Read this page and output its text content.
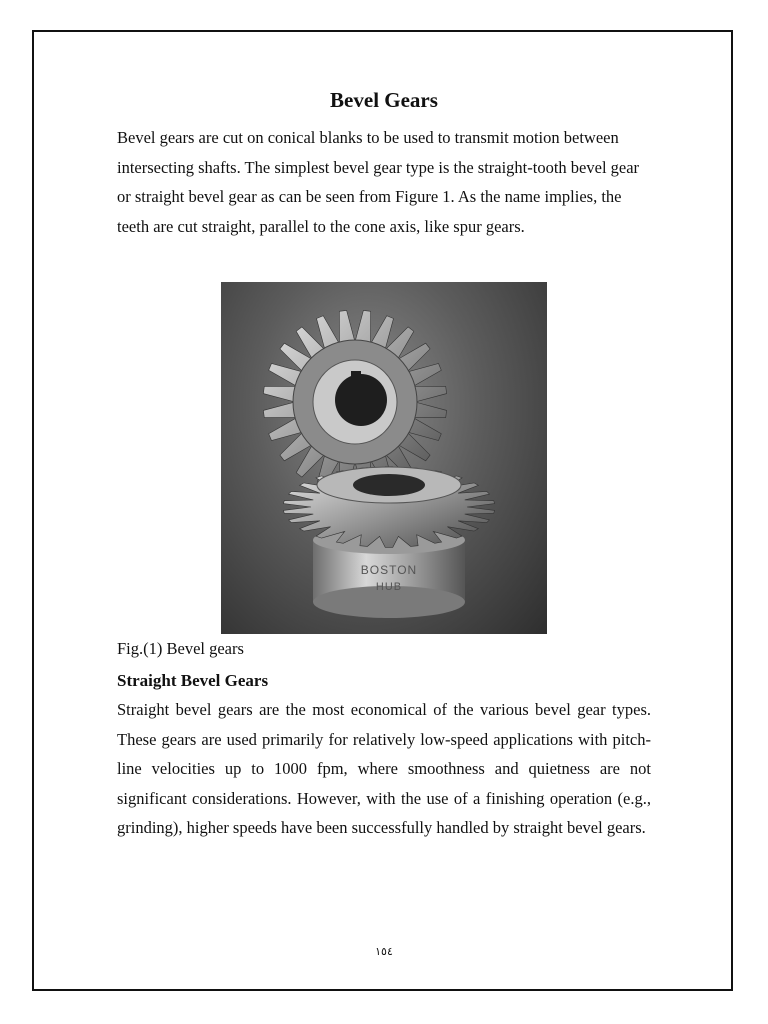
Bevel Gears

Bevel gears are cut on conical blanks to be used to transmit motion between intersecting shafts. The simplest bevel gear type is the straight-tooth bevel gear or straight bevel gear as can be seen from Figure 1. As the name implies, the teeth are cut straight, parallel to the cone axis, like spur gears.

BOSTON
HUB

Fig.(1) Bevel gears

Straight Bevel Gears

Straight bevel gears are the most economical of the various bevel gear types. These gears are used primarily for relatively low-speed applications with pitch-line velocities up to 1000 fpm, where smoothness and quietness are not significant considerations. However, with the use of a finishing operation (e.g., grinding), higher speeds have been successfully handled by straight bevel gears.

١٥٤
